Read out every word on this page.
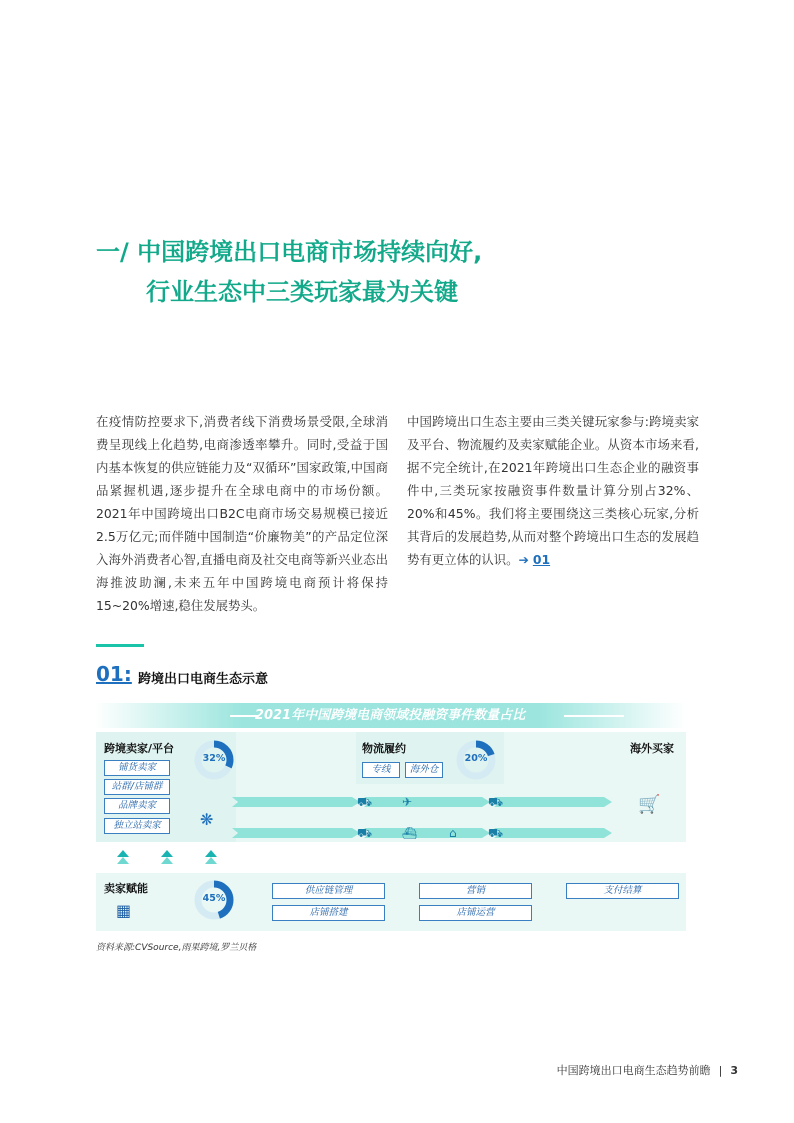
一/ 中国跨境出口电商市场持续向好,
行业生态中三类玩家最为关键
在疫情防控要求下,消费者线下消费场景受限,全球消费呈现线上化趋势,电商渗透率攀升。同时,受益于国内基本恢复的供应链能力及“双循环”国家政策,中国商品紧握机遇,逐步提升在全球电商中的市场份额。2021年中国跨境出口B2C电商市场交易规模已接近2.5万亿元;而伴随中国制造“价廉物美”的产品定位深入海外消费者心智,直播电商及社交电商等新兴业态出海推波助澜,未来五年中国跨境电商预计将保持15~20%增速,稳住发展势头。
中国跨境出口生态主要由三类关键玩家参与:跨境卖家及平台、物流履约及卖家赋能企业。从资本市场来看,据不完全统计,在2021年跨境出口生态企业的融资事件中,三类玩家按融资事件数量计算分别占32%、20%和45%。我们将主要围绕这三类核心玩家,分析其背后的发展趋势,从而对整个跨境出口生态的发展趋势有更立体的认识。➔ 01
01: 跨境出口电商生态示意
2021年中国跨境电商领域投融资事件数量占比
跨境卖家/平台
铺货卖家
站群/店铺群
品牌卖家
独立站卖家
32%
❋
物流履约
专线	海外仓
20%
海外买家
🛒
⛟ ✈	⛟
⛟ ⛴	⌂	⛟
卖家赋能
▦
45%
供应链管理	营销	支付结算
店铺搭建	店铺运营
资料来源:CVSource,雨果跨境,罗兰贝格
中国跨境出口电商生态趋势前瞻 | 3
